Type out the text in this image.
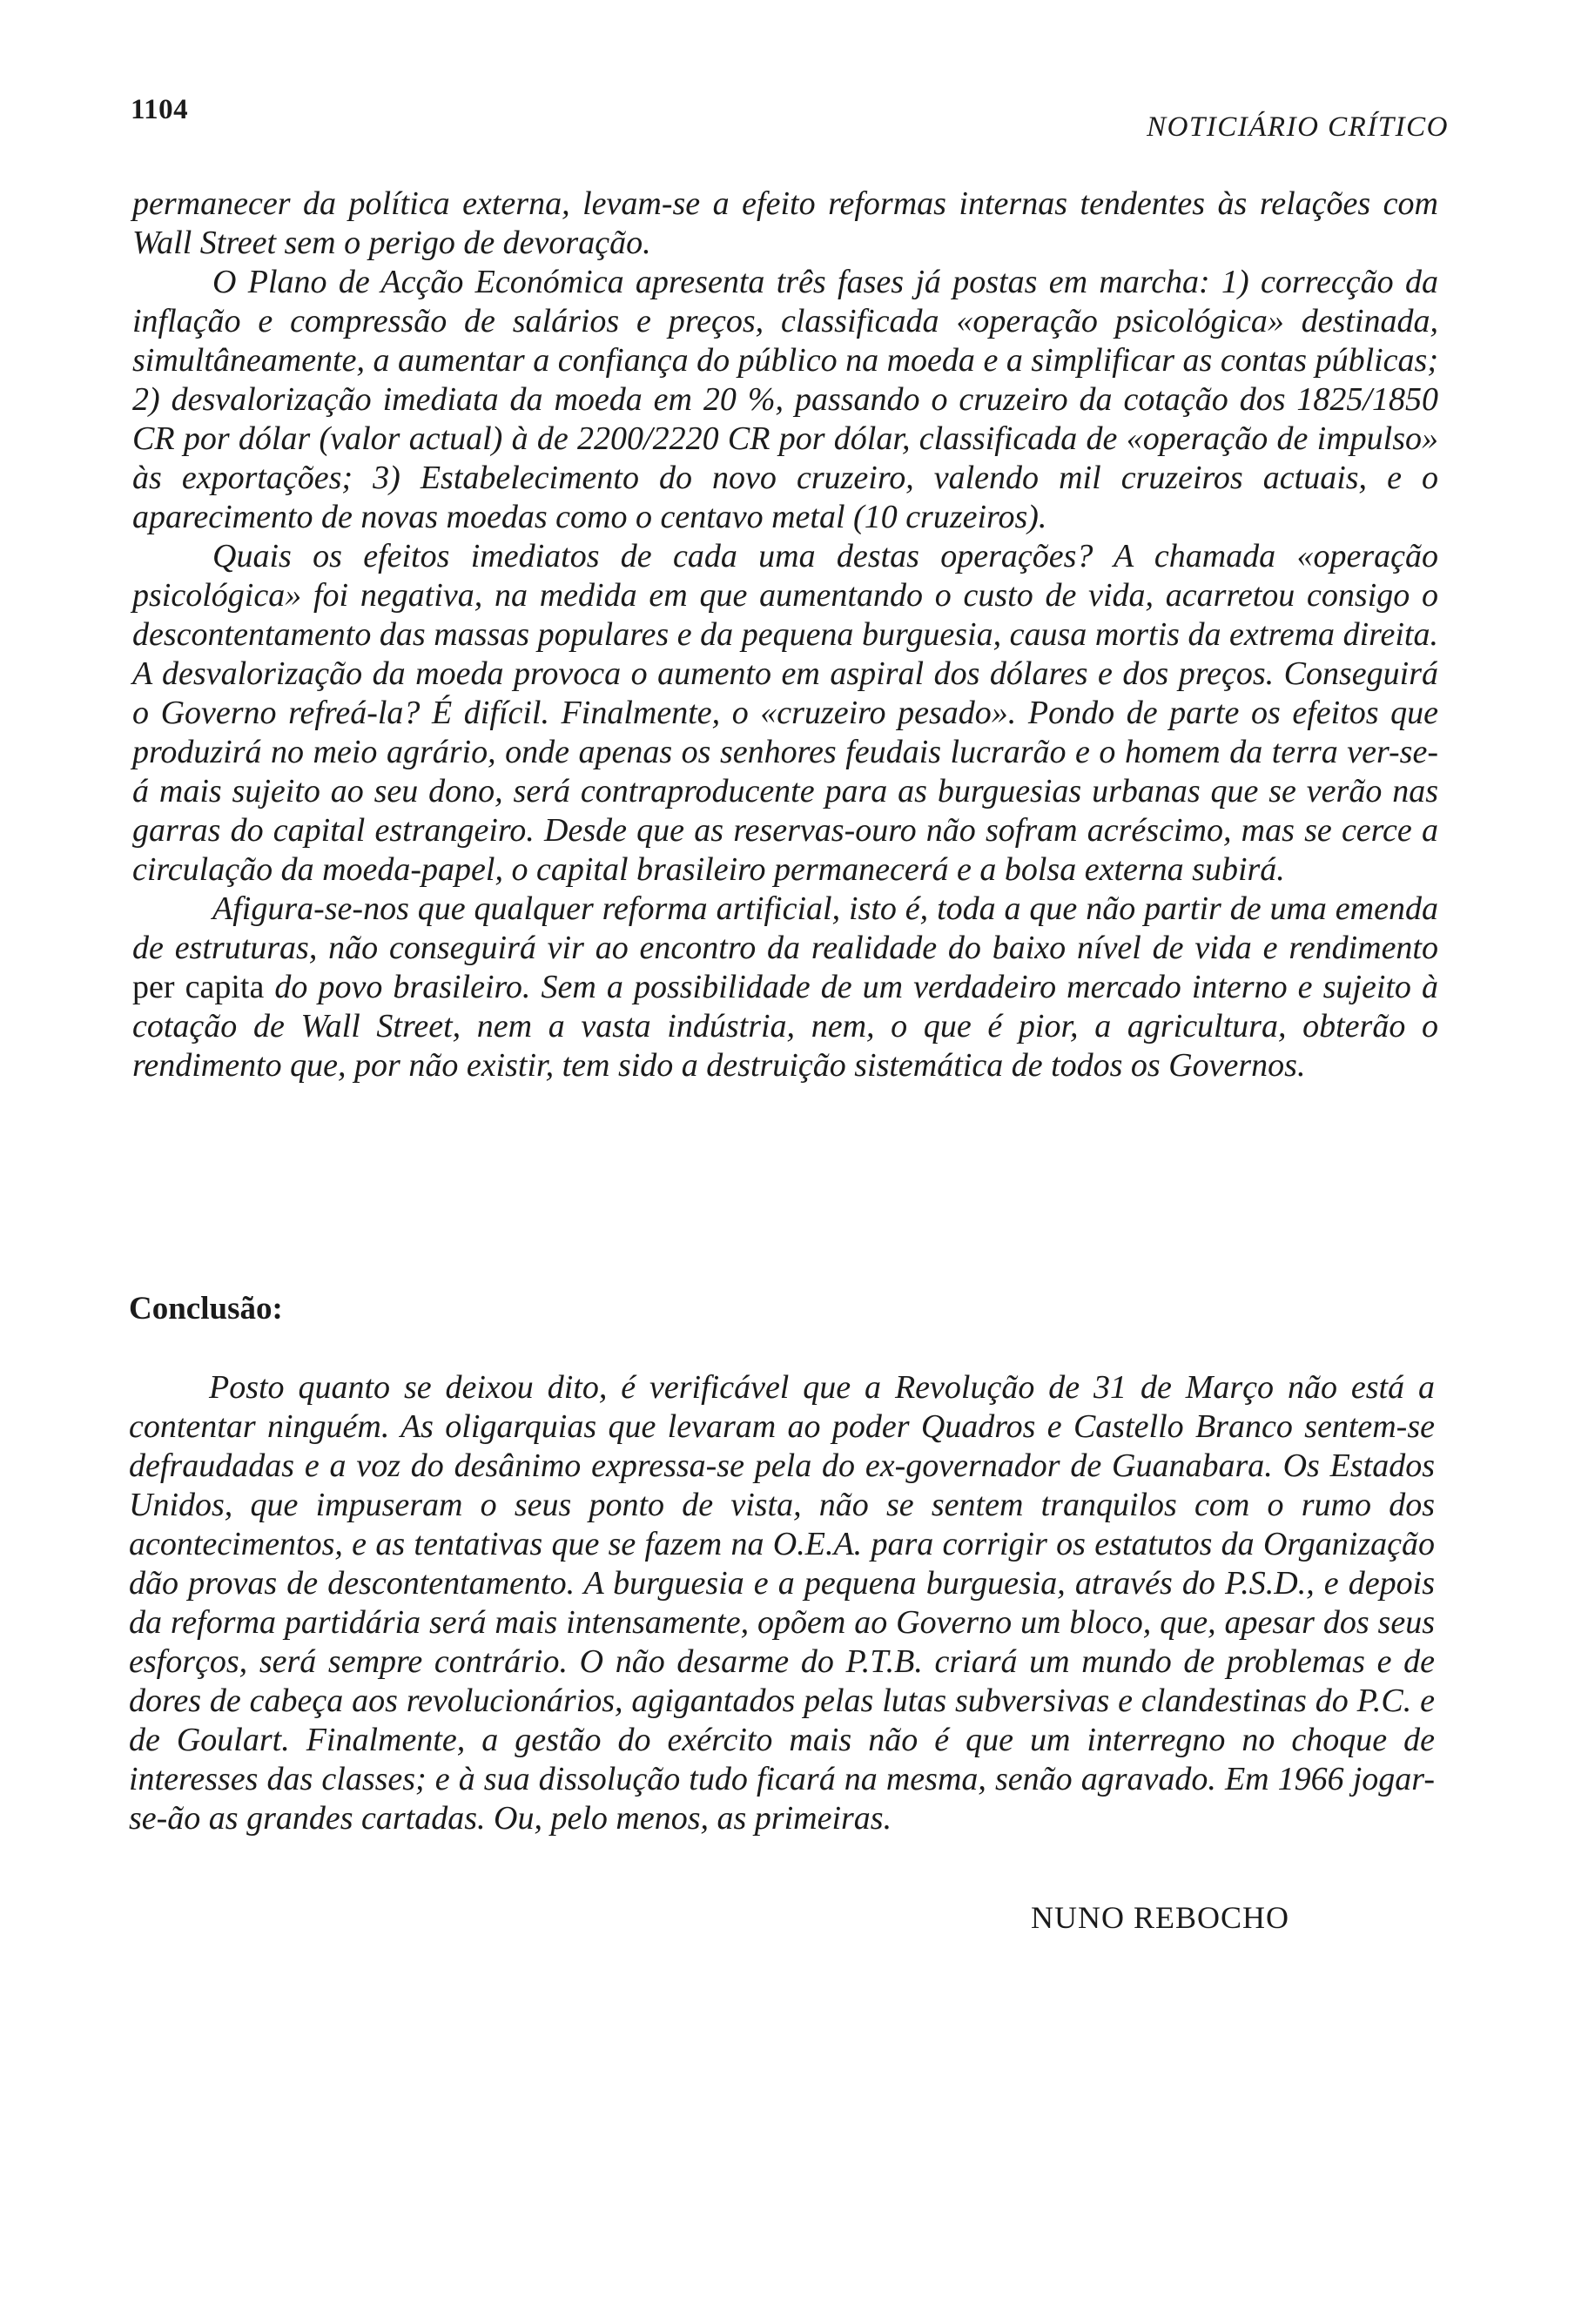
1104
NOTICIÁRIO CRÍTICO

permanecer da política externa, levam-se a efeito reformas internas tendentes às relações com Wall Street sem o perigo de devoração.

O Plano de Acção Económica apresenta três fases já postas em marcha: 1) correcção da inflação e compressão de salários e preços, classificada «operação psicológica» destinada, simultâneamente, a aumentar a confiança do público na moeda e a simplificar as contas públicas; 2) desvalorização imediata da moeda em 20 %, passando o cruzeiro da cotação dos 1825/1850 CR por dólar (valor actual) à de 2200/2220 CR por dólar, classificada de «operação de impulso» às exportações; 3) Estabelecimento do novo cruzeiro, valendo mil cruzeiros actuais, e o aparecimento de novas moedas como o centavo metal (10 cruzeiros).

Quais os efeitos imediatos de cada uma destas operações? A chamada «operação psicológica» foi negativa, na medida em que aumentando o custo de vida, acarretou consigo o descontentamento das massas populares e da pequena burguesia, causa mortis da extrema direita. A desvalorização da moeda provoca o aumento em aspiral dos dólares e dos preços. Conseguirá o Governo refreá-la? É difícil. Finalmente, o «cruzeiro pesado». Pondo de parte os efeitos que produzirá no meio agrário, onde apenas os senhores feudais lucrarão e o homem da terra ver-se-á mais sujeito ao seu dono, será contraproducente para as burguesias urbanas que se verão nas garras do capital estrangeiro. Desde que as reservas-ouro não sofram acréscimo, mas se cerce a circulação da moeda-papel, o capital brasileiro permanecerá e a bolsa externa subirá.

Afigura-se-nos que qualquer reforma artificial, isto é, toda a que não partir de uma emenda de estruturas, não conseguirá vir ao encontro da realidade do baixo nível de vida e rendimento per capita do povo brasileiro. Sem a possibilidade de um verdadeiro mercado interno e sujeito à cotação de Wall Street, nem a vasta indústria, nem, o que é pior, a agricultura, obterão o rendimento que, por não existir, tem sido a destruição sistemática de todos os Governos.

Conclusão:

Posto quanto se deixou dito, é verificável que a Revolução de 31 de Março não está a contentar ninguém. As oligarquias que levaram ao poder Quadros e Castello Branco sentem-se defraudadas e a voz do desânimo expressa-se pela do ex-governador de Guanabara. Os Estados Unidos, que impuseram o seus ponto de vista, não se sentem tranquilos com o rumo dos acontecimentos, e as tentativas que se fazem na O.E.A. para corrigir os estatutos da Organização dão provas de descontentamento. A burguesia e a pequena burguesia, através do P.S.D., e depois da reforma partidária será mais intensamente, opõem ao Governo um bloco, que, apesar dos seus esforços, será sempre contrário. O não desarme do P.T.B. criará um mundo de problemas e de dores de cabeça aos revolucionários, agigantados pelas lutas subversivas e clandestinas do P.C. e de Goulart. Finalmente, a gestão do exército mais não é que um interregno no choque de interesses das classes; e à sua dissolução tudo ficará na mesma, senão agravado. Em 1966 jogar-se-ão as grandes cartadas. Ou, pelo menos, as primeiras.

NUNO REBOCHO
